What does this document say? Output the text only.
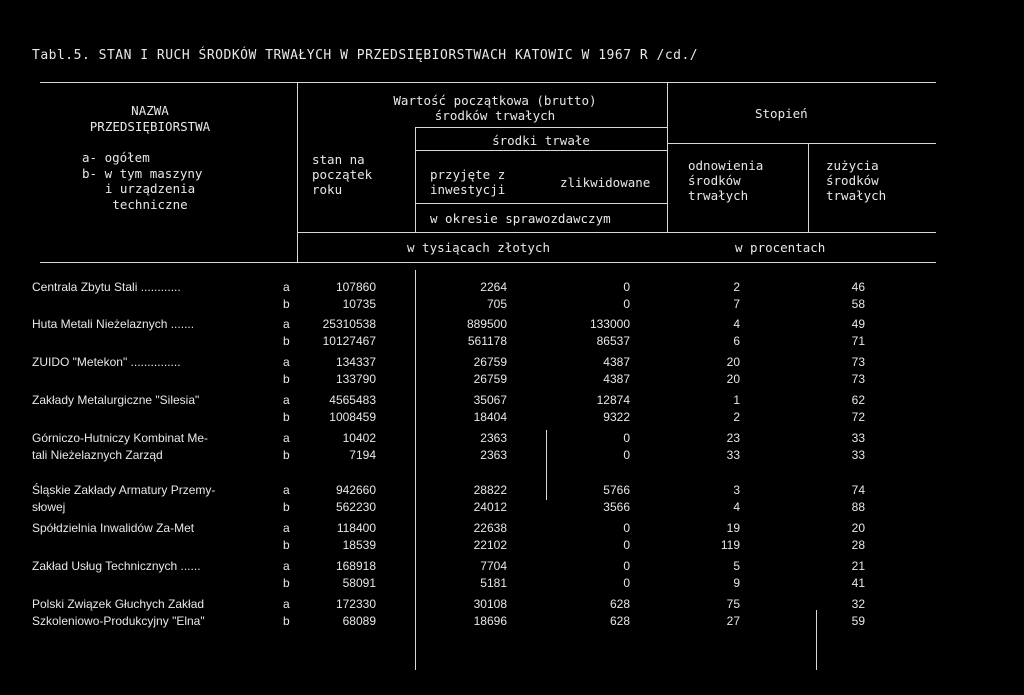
Tabl.5. STAN I RUCH ŚRODKÓW TRWAŁYCH W PRZEDSIĘBIORSTWACH KATOWIC W 1967 R /cd./
NAZWA
PRZEDSIĘBIORSTWA
a- ogółem
b- w tym maszyny
i urządzenia
techniczne
Wartość początkowa (brutto) środków trwałych
stan na początek roku
środki trwałe
przyjęte z inwestycji	zlikwidowane
w okresie sprawozdawczym
Stopień
odnowienia środków trwałych
zużycia środków trwałych
w tysiącach złotych	w procentach
Centrala Zbytu Stali ............	a	107860	2264	0	2	46
b	10735	705	0	7	58
Huta Metali Nieżelaznych .......	a	25310538	889500	133000	4	49
b	10127467	561178	86537	6	71
ZUIDO "Metekon" ...............	a	134337	26759	4387	20	73
b	133790	26759	4387	20	73
Zakłady Metalurgiczne "Silesia"	a	4565483	35067	12874	1	62
b	1008459	18404	9322	2	72
Górniczo-Hutniczy Kombinat Me-	a	10402	2363	0	23	33
tali Nieżelaznych Zarząd	b	7194	2363	0	33	33
Śląskie Zakłady Armatury Przemy-	a	942660	28822	5766	3	74
słowej	b	562230	24012	3566	4	88
Spółdzielnia Inwalidów Za-Met	a	118400	22638	0	19	20
b	18539	22102	0	119	28
Zakład Usług Technicznych ......	a	168918	7704	0	5	21
b	58091	5181	0	9	41
Polski Związek Głuchych Zakład	a	172330	30108	628	75	32
Szkoleniowo-Produkcyjny "Elna"	b	68089	18696	628	27	59
